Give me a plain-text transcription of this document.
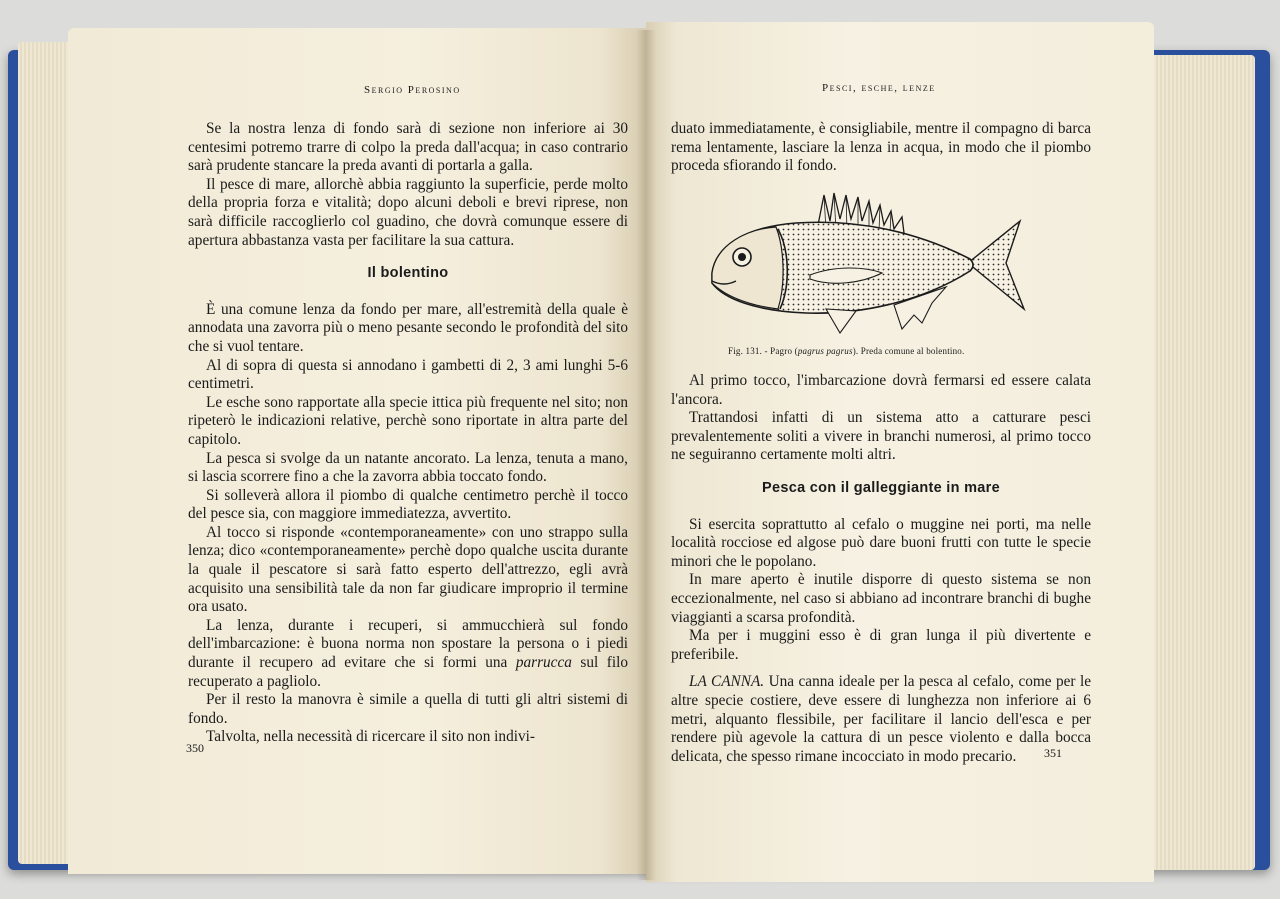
Sergio Perosino

Se la nostra lenza di fondo sarà di sezione non inferiore ai 30 centesimi potremo trarre di colpo la preda dall'acqua; in caso contrario sarà prudente stancare la preda avanti di portarla a galla.

Il pesce di mare, allorchè abbia raggiunto la superficie, perde molto della propria forza e vitalità; dopo alcuni deboli e brevi riprese, non sarà difficile raccoglierlo col guadino, che dovrà comunque essere di apertura abbastanza vasta per facilitare la sua cattura.

Il bolentino

È una comune lenza da fondo per mare, all'estremità della quale è annodata una zavorra più o meno pesante secondo le profondità del sito che si vuol tentare.

Al di sopra di questa si annodano i gambetti di 2, 3 ami lunghi 5-6 centimetri.

Le esche sono rapportate alla specie ittica più frequente nel sito; non ripeterò le indicazioni relative, perchè sono riportate in altra parte del capitolo.

La pesca si svolge da un natante ancorato. La lenza, tenuta a mano, si lascia scorrere fino a che la zavorra abbia toccato fondo.

Si solleverà allora il piombo di qualche centimetro perchè il tocco del pesce sia, con maggiore immediatezza, avvertito.

Al tocco si risponde «contemporaneamente» con uno strappo sulla lenza; dico «contemporaneamente» perchè dopo qualche uscita durante la quale il pescatore si sarà fatto esperto dell'attrezzo, egli avrà acquisito una sensibilità tale da non far giudicare improprio il termine ora usato.

La lenza, durante i recuperi, si ammucchierà sul fondo dell'imbarcazione: è buona norma non spostare la persona o i piedi durante il recupero ad evitare che si formi una parrucca sul filo recuperato a pagliolo.

Per il resto la manovra è simile a quella di tutti gli altri sistemi di fondo.

Talvolta, nella necessità di ricercare il sito non indivi-

350
Pesci, esche, lenze

duato immediatamente, è consigliabile, mentre il compagno di barca rema lentamente, lasciare la lenza in acqua, in modo che il piombo proceda sfiorando il fondo.

Fig. 131. - Pagro (pagrus pagrus). Preda comune al bolentino.

Al primo tocco, l'imbarcazione dovrà fermarsi ed essere calata l'ancora.

Trattandosi infatti di un sistema atto a catturare pesci prevalentemente soliti a vivere in branchi numerosi, al primo tocco ne seguiranno certamente molti altri.

Pesca con il galleggiante in mare

Si esercita soprattutto al cefalo o muggine nei porti, ma nelle località rocciose ed algose può dare buoni frutti con tutte le specie minori che le popolano.

In mare aperto è inutile disporre di questo sistema se non eccezionalmente, nel caso si abbiano ad incontrare branchi di bughe viaggianti a scarsa profondità.

Ma per i muggini esso è di gran lunga il più divertente e preferibile.

LA CANNA. Una canna ideale per la pesca al cefalo, come per le altre specie costiere, deve essere di lunghezza non inferiore ai 6 metri, alquanto flessibile, per facilitare il lancio dell'esca e per rendere più agevole la cattura di un pesce violento e dalla bocca delicata, che spesso rimane incocciato in modo precario.	351
